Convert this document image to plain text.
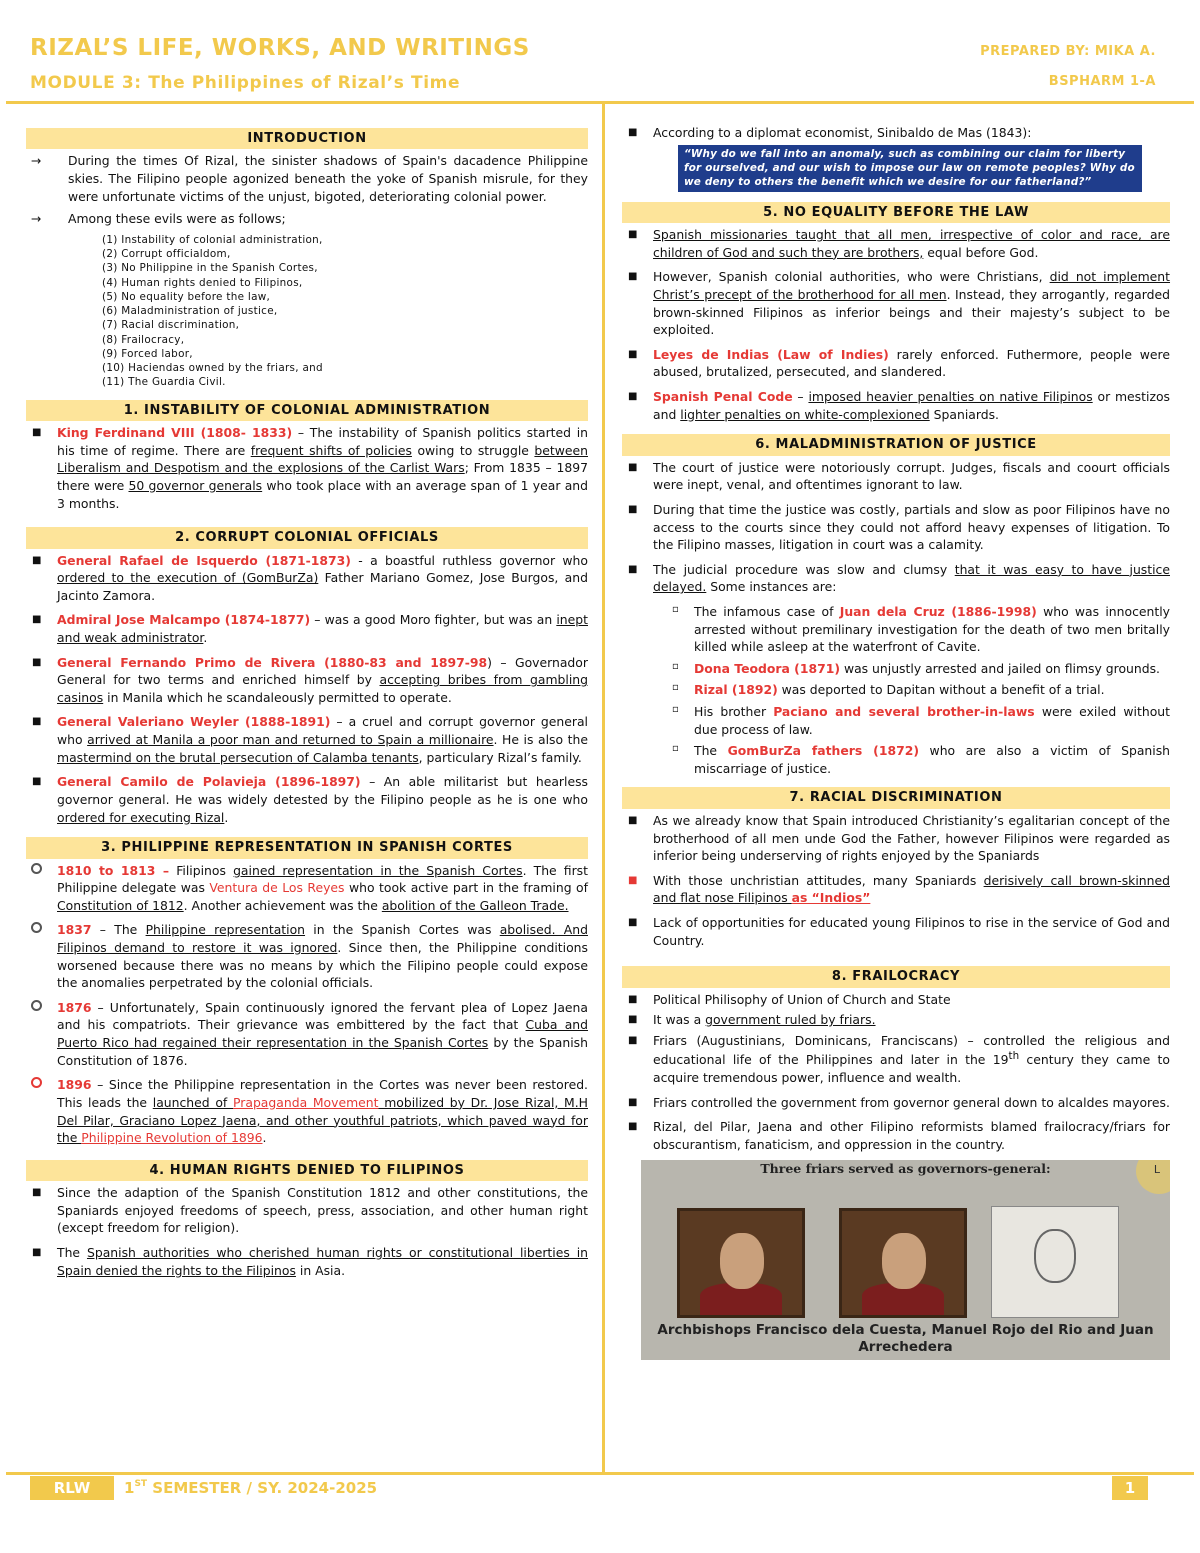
RIZAL’S LIFE, WORKS, AND WRITINGS
MODULE 3: The Philippines of Rizal’s Time
PREPARED BY: MIKA A.
BSPHARM 1-A
INTRODUCTION
→ During the times Of Rizal, the sinister shadows of Spain's dacadence Philippine skies. The Filipino people agonized beneath the yoke of Spanish misrule, for they were unfortunate victims of the unjust, bigoted, deteriorating colonial power.
→ Among these evils were as follows;
(1) Instability of colonial administration,
(2) Corrupt officialdom,
(3) No Philippine in the Spanish Cortes,
(4) Human rights denied to Filipinos,
(5) No equality before the law,
(6) Maladministration of justice,
(7) Racial discrimination,
(8) Frailocracy,
(9) Forced labor,
(10) Haciendas owned by the friars, and
(11) The Guardia Civil.
1. INSTABILITY OF COLONIAL ADMINISTRATION
■ King Ferdinand VIII (1808- 1833) – The instability of Spanish politics started in his time of regime. There are frequent shifts of policies owing to struggle between Liberalism and Despotism and the explosions of the Carlist Wars; From 1835 – 1897 there were 50 governor generals who took place with an average span of 1 year and 3 months.
2. CORRUPT COLONIAL OFFICIALS
■ General Rafael de Isquerdo (1871-1873) - a boastful ruthless governor who ordered to the execution of (GomBurZa) Father Mariano Gomez, Jose Burgos, and Jacinto Zamora.
■ Admiral Jose Malcampo (1874-1877) – was a good Moro fighter, but was an inept and weak administrator.
■ General Fernando Primo de Rivera (1880-83 and 1897-98) – Governador General for two terms and enriched himself by accepting bribes from gambling casinos in Manila which he scandaleously permitted to operate.
■ General Valeriano Weyler (1888-1891) – a cruel and corrupt governor general who arrived at Manila a poor man and returned to Spain a millionaire. He is also the mastermind on the brutal persecution of Calamba tenants, particulary Rizal’s family.
■ General Camilo de Polavieja (1896-1897) – An able militarist but hearless governor general. He was widely detested by the Filipino people as he is one who ordered for executing Rizal.
3. PHILIPPINE REPRESENTATION IN SPANISH CORTES
1810 to 1813 – Filipinos gained representation in the Spanish Cortes. The first Philippine delegate was Ventura de Los Reyes who took active part in the framing of Constitution of 1812. Another achievement was the abolition of the Galleon Trade.
1837 – The Philippine representation in the Spanish Cortes was abolised. And Filipinos demand to restore it was ignored. Since then, the Philippine conditions worsened because there was no means by which the Filipino people could expose the anomalies perpetrated by the colonial officials.
1876 – Unfortunately, Spain continuously ignored the fervant plea of Lopez Jaena and his compatriots. Their grievance was embittered by the fact that Cuba and Puerto Rico had regained their representation in the Spanish Cortes by the Spanish Constitution of 1876.
1896 – Since the Philippine representation in the Cortes was never been restored. This leads the launched of Prapaganda Movement mobilized by Dr. Jose Rizal, M.H Del Pilar, Graciano Lopez Jaena, and other youthful patriots, which paved wayd for the Philippine Revolution of 1896.
4. HUMAN RIGHTS DENIED TO FILIPINOS
■ Since the adaption of the Spanish Constitution 1812 and other constitutions, the Spaniards enjoyed freedoms of speech, press, association, and other human right (except freedom for religion).
■ The Spanish authorities who cherished human rights or constitutional liberties in Spain denied the rights to the Filipinos in Asia.
■ According to a diplomat economist, Sinibaldo de Mas (1843):
“Why do we fall into an anomaly, such as combining our claim for liberty for ourselved, and our wish to impose our law on remote peoples? Why do we deny to others the benefit which we desire for our fatherland?”
5. NO EQUALITY BEFORE THE LAW
■ Spanish missionaries taught that all men, irrespective of color and race, are children of God and such they are brothers, equal before God.
■ However, Spanish colonial authorities, who were Christians, did not implement Christ’s precept of the brotherhood for all men. Instead, they arrogantly, regarded brown-skinned Filipinos as inferior beings and their majesty’s subject to be exploited.
■ Leyes de Indias (Law of Indies) rarely enforced. Futhermore, people were abused, brutalized, persecuted, and slandered.
■ Spanish Penal Code – imposed heavier penalties on native Filipinos or mestizos and lighter penalties on white-complexioned Spaniards.
6. MALADMINISTRATION OF JUSTICE
■ The court of justice were notoriously corrupt. Judges, fiscals and coourt officials were inept, venal, and oftentimes ignorant to law.
■ During that time the justice was costly, partials and slow as poor Filipinos have no access to the courts since they could not afford heavy expenses of litigation. To the Filipino masses, litigation in court was a calamity.
■ The judicial procedure was slow and clumsy that it was easy to have justice delayed. Some instances are:
▫ The infamous case of Juan dela Cruz (1886-1998) who was innocently arrested without premilinary investigation for the death of two men britally killed while asleep at the waterfront of Cavite.
▫ Dona Teodora (1871) was unjustly arrested and jailed on flimsy grounds.
▫ Rizal (1892) was deported to Dapitan without a benefit of a trial.
▫ His brother Paciano and several brother-in-laws were exiled without due process of law.
▫ The GomBurZa fathers (1872) who are also a victim of Spanish miscarriage of justice.
7. RACIAL DISCRIMINATION
■ As we already know that Spain introduced Christianity’s egalitarian concept of the brotherhood of all men unde God the Father, however Filipinos were regarded as inferior being underserving of rights enjoyed by the Spaniards
■ With those unchristian attitudes, many Spaniards derisively call brown-skinned and flat nose Filipinos as “Indios”
■ Lack of opportunities for educated young Filipinos to rise in the service of God and Country.
8. FRAILOCRACY
■ Political Philisophy of Union of Church and State
■ It was a government ruled by friars.
■ Friars (Augustinians, Dominicans, Franciscans) – controlled the religious and educational life of the Philippines and later in the 19th century they came to acquire tremendous power, influence and wealth.
■ Friars controlled the government from governor general down to alcaldes mayores.
■ Rizal, del Pilar, Jaena and other Filipino reformists blamed frailocracy/friars for obscurantism, fanaticism, and oppression in the country.
L
Three friars served as governors-general:
Archbishops Francisco dela Cuesta, Manuel Rojo del Rio and Juan Arrechedera
RLW	1ST SEMESTER / SY. 2024-2025	1
